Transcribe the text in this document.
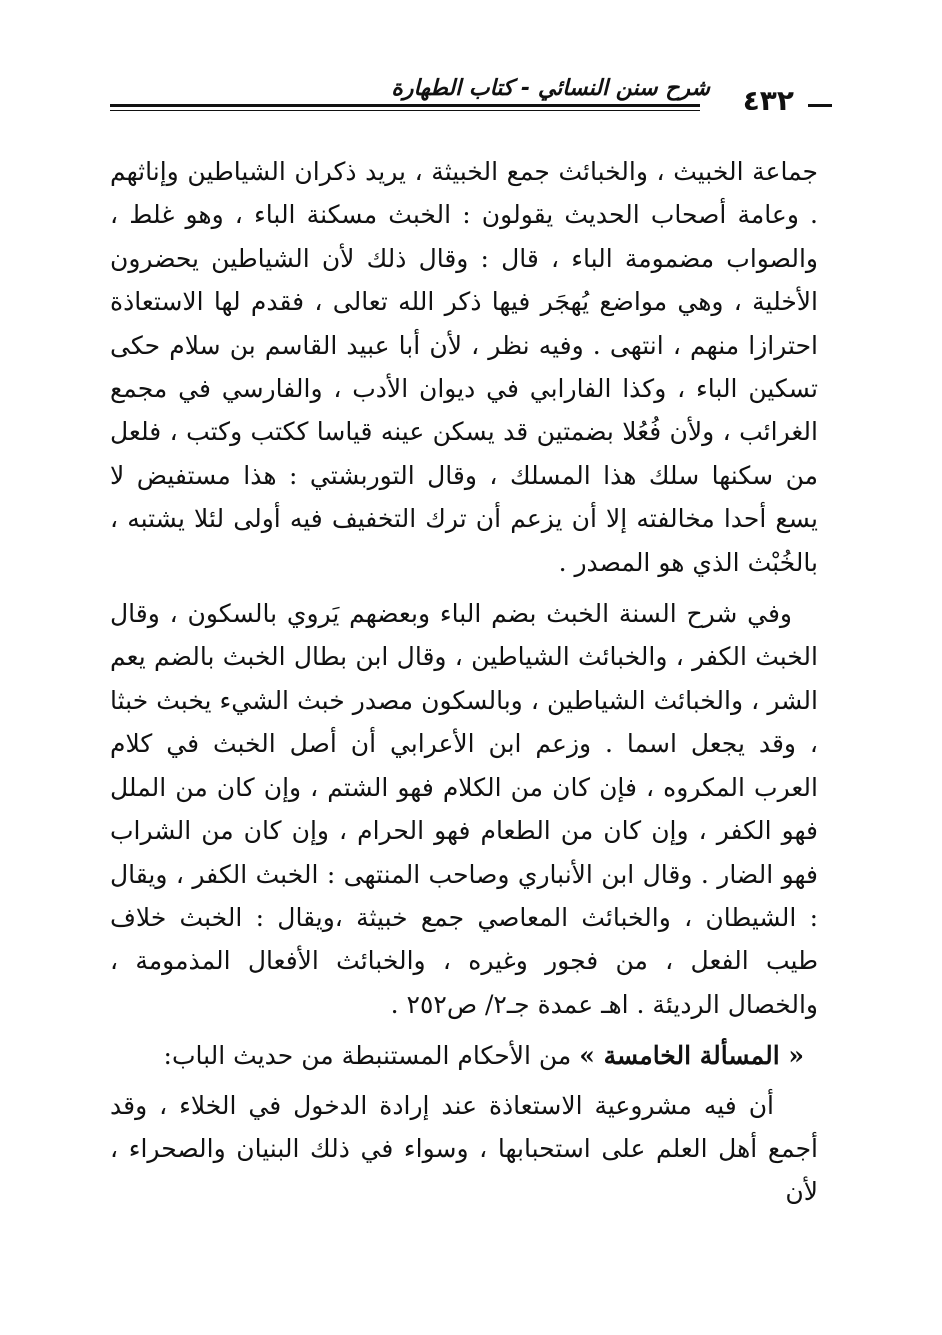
شرح سنن النسائي - كتاب الطهارة ٤٣٢

جماعة الخبيث ، والخبائث جمع الخبيثة ، يريد ذكران الشياطين وإناثهم . وعامة أصحاب الحديث يقولون : الخبث مسكنة الباء ، وهو غلط ، والصواب مضمومة الباء ، قال : وقال ذلك لأن الشياطين يحضرون الأخلية ، وهي مواضع يُهجَر فيها ذكر الله تعالى ، فقدم لها الاستعاذة احترازا منهم ، انتهى . وفيه نظر ، لأن أبا عبيد القاسم بن سلام حكى تسكين الباء ، وكذا الفارابي في ديوان الأدب ، والفارسي في مجمع الغرائب ، ولأن فُعُلا بضمتين قد يسكن عينه قياسا ككتب وكتب ، فلعل من سكنها سلك هذا المسلك ، وقال التوربشتي : هذا مستفيض لا يسع أحدا مخالفته إلا أن يزعم أن ترك التخفيف فيه أولى لئلا يشتبه ، بالخُبْث الذي هو المصدر .

وفي شرح السنة الخبث بضم الباء وبعضهم يَروي بالسكون ، وقال الخبث الكفر ، والخبائث الشياطين ، وقال ابن بطال الخبث بالضم يعم الشر ، والخبائث الشياطين ، وبالسكون مصدر خبث الشيء يخبث خبثا ، وقد يجعل اسما . وزعم ابن الأعرابي أن أصل الخبث في كلام العرب المكروه ، فإن كان من الكلام فهو الشتم ، وإن كان من الملل فهو الكفر ، وإن كان من الطعام فهو الحرام ، وإن كان من الشراب فهو الضار . وقال ابن الأنباري وصاحب المنتهى : الخبث الكفر ، ويقال : الشيطان ، والخبائث المعاصي جمع خبيثة ،ويقال : الخبث خلاف طيب الفعل ، من فجور وغيره ، والخبائث الأفعال المذمومة ، والخصال الرديئة . اهـ عمدة جـ٢/ ص٢٥٢ .

« المسألة الخامسة » من الأحكام المستنبطة من حديث الباب:

أن فيه مشروعية الاستعاذة عند إرادة الدخول في الخلاء ، وقد أجمع أهل العلم على استحبابها ، وسواء في ذلك البنيان والصحراء ، لأن
